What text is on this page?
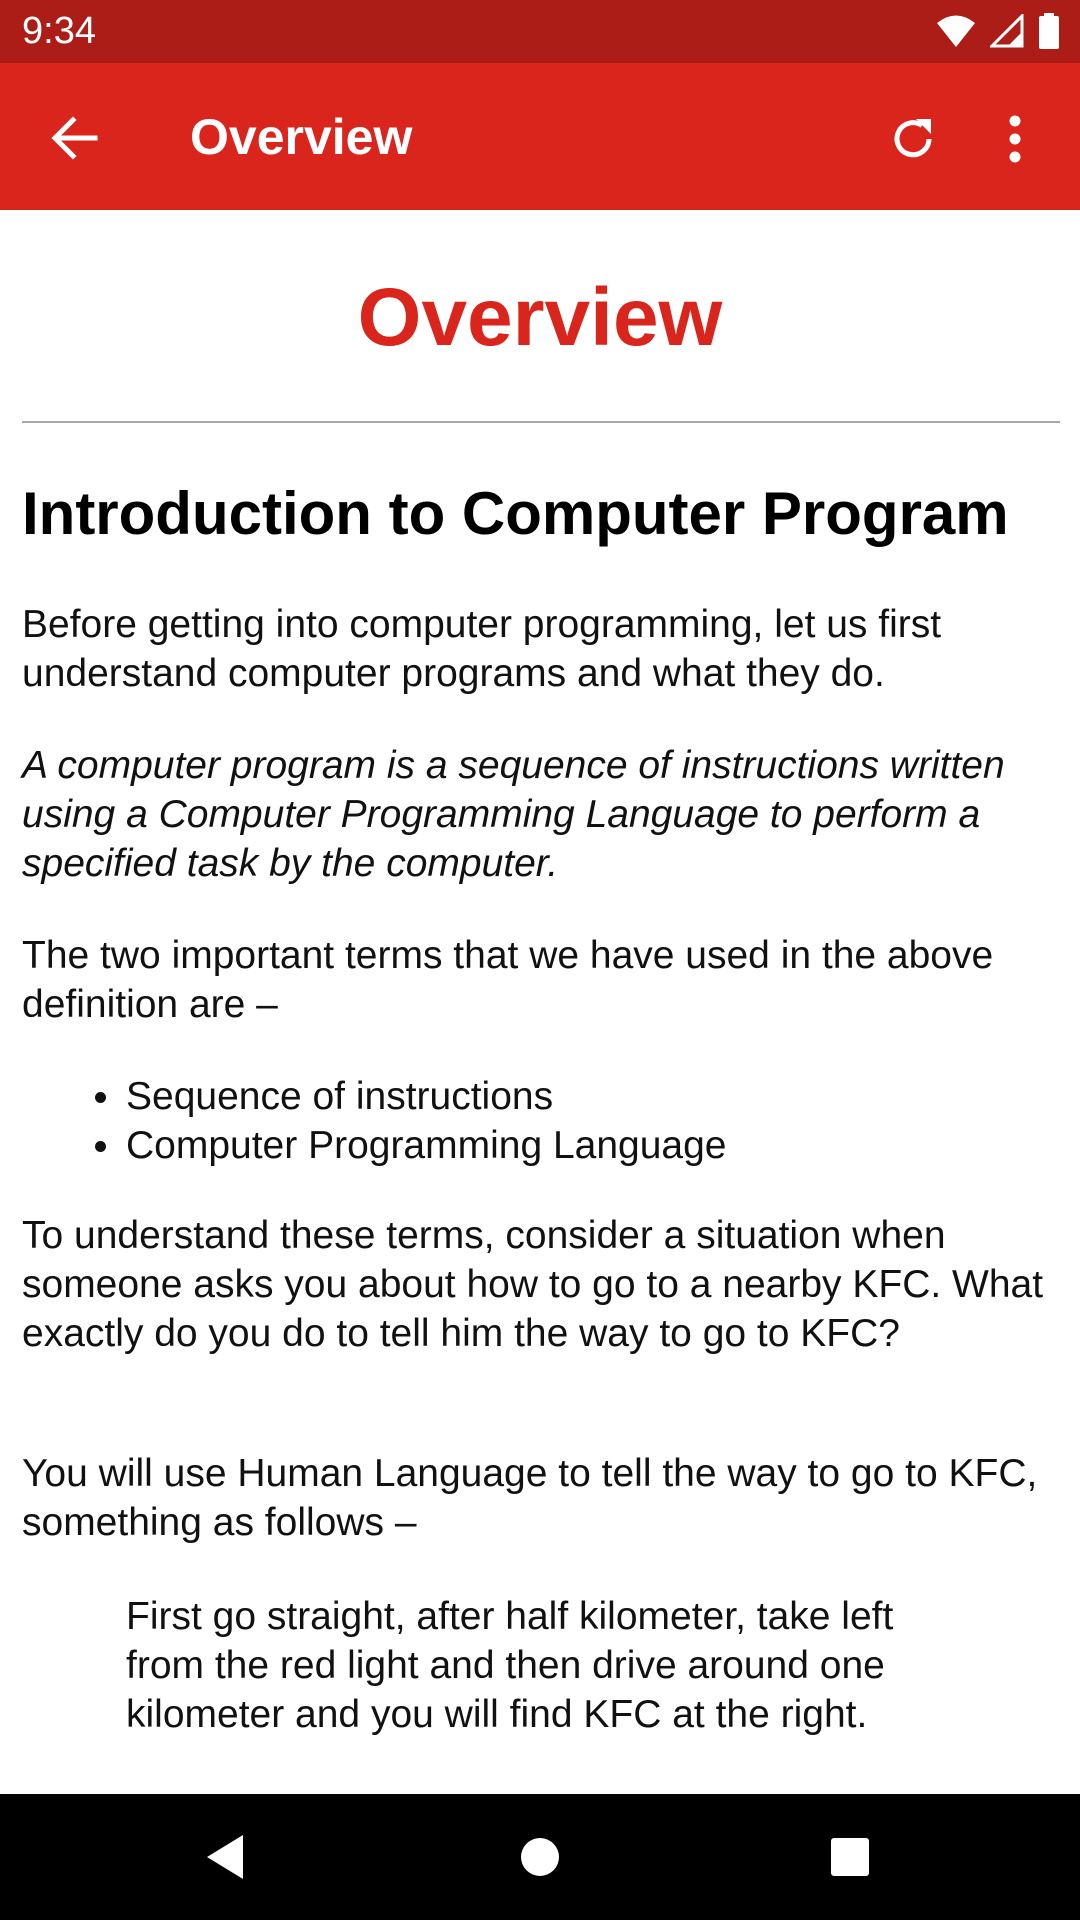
9:34
Overview
Overview
Introduction to Computer Program

Before getting into computer programming, let us first understand computer programs and what they do.

A computer program is a sequence of instructions written using a Computer Programming Language to perform a specified task by the computer.

The two important terms that we have used in the above definition are –

Sequence of instructions
Computer Programming Language

To understand these terms, consider a situation when someone asks you about how to go to a nearby KFC. What exactly do you do to tell him the way to go to KFC?

You will use Human Language to tell the way to go to KFC, something as follows –

First go straight, after half kilometer, take left from the red light and then drive around one kilometer and you will find KFC at the right.
